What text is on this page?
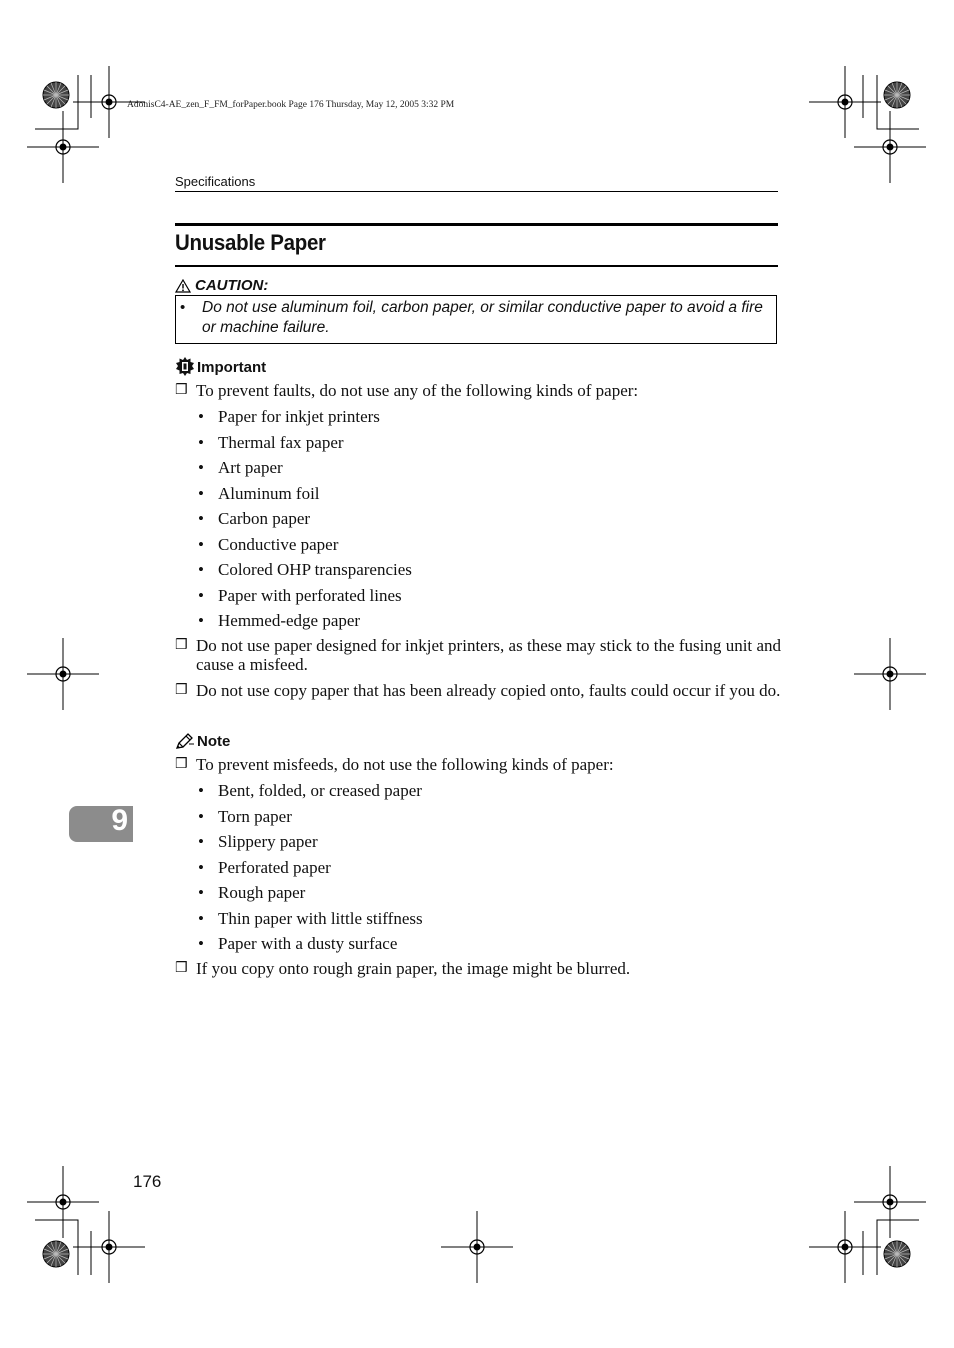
AdonisC4-AE_zen_F_FM_forPaper.book Page 176 Thursday, May 12, 2005 3:32 PM
Specifications
Unusable Paper
CAUTION:
• Do not use aluminum foil, carbon paper, or similar conductive paper to avoid a fire or machine failure.
Important
❒ To prevent faults, do not use any of the following kinds of paper:
• Paper for inkjet printers
• Thermal fax paper
• Art paper
• Aluminum foil
• Carbon paper
• Conductive paper
• Colored OHP transparencies
• Paper with perforated lines
• Hemmed-edge paper
❒ Do not use paper designed for inkjet printers, as these may stick to the fusing unit and cause a misfeed.
❒ Do not use copy paper that has been already copied onto, faults could occur if you do.
Note
❒ To prevent misfeeds, do not use the following kinds of paper:
• Bent, folded, or creased paper
• Torn paper
• Slippery paper
• Perforated paper
• Rough paper
• Thin paper with little stiffness
• Paper with a dusty surface
❒ If you copy onto rough grain paper, the image might be blurred.
9
176
